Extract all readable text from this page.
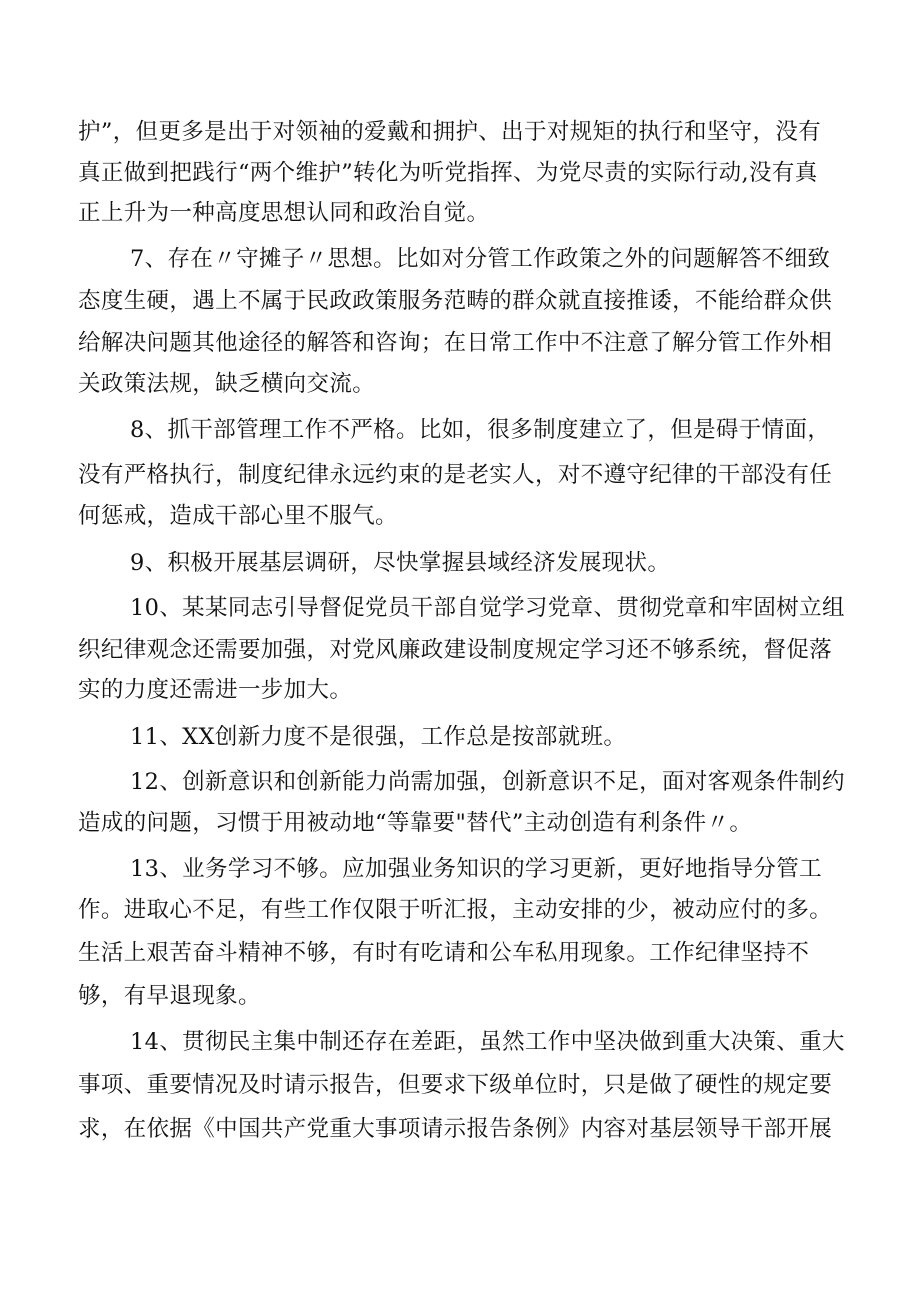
护”，但更多是出于对领袖的爱戴和拥护、出于对规矩的执行和坚守，没有
真正做到把践行“两个维护”转化为听党指挥、为党尽责的实际行动,没有真
正上升为一种高度思想认同和政治自觉。
7、存在〃守摊子〃思想。比如对分管工作政策之外的问题解答不细致
态度生硬，遇上不属于民政政策服务范畴的群众就直接推诿，不能给群众供
给解决问题其他途径的解答和咨询；在日常工作中不注意了解分管工作外相
关政策法规，缺乏横向交流。
8、抓干部管理工作不严格。比如，很多制度建立了，但是碍于情面，
没有严格执行，制度纪律永远约束的是老实人，对不遵守纪律的干部没有任
何惩戒，造成干部心里不服气。
9、积极开展基层调研，尽快掌握县域经济发展现状。
10、某某同志引导督促党员干部自觉学习党章、贯彻党章和牢固树立组
织纪律观念还需要加强，对党风廉政建设制度规定学习还不够系统，督促落
实的力度还需进一步加大。
11、XX创新力度不是很强，工作总是按部就班。
12、创新意识和创新能力尚需加强，创新意识不足，面对客观条件制约
造成的问题，习惯于用被动地“等靠要"替代”主动创造有利条件〃。
13、业务学习不够。应加强业务知识的学习更新，更好地指导分管工
作。进取心不足，有些工作仅限于听汇报，主动安排的少，被动应付的多。
生活上艰苦奋斗精神不够，有时有吃请和公车私用现象。工作纪律坚持不
够，有早退现象。
14、贯彻民主集中制还存在差距，虽然工作中坚决做到重大决策、重大
事项、重要情况及时请示报告，但要求下级单位时，只是做了硬性的规定要
求，在依据《中国共产党重大事项请示报告条例》内容对基层领导干部开展
